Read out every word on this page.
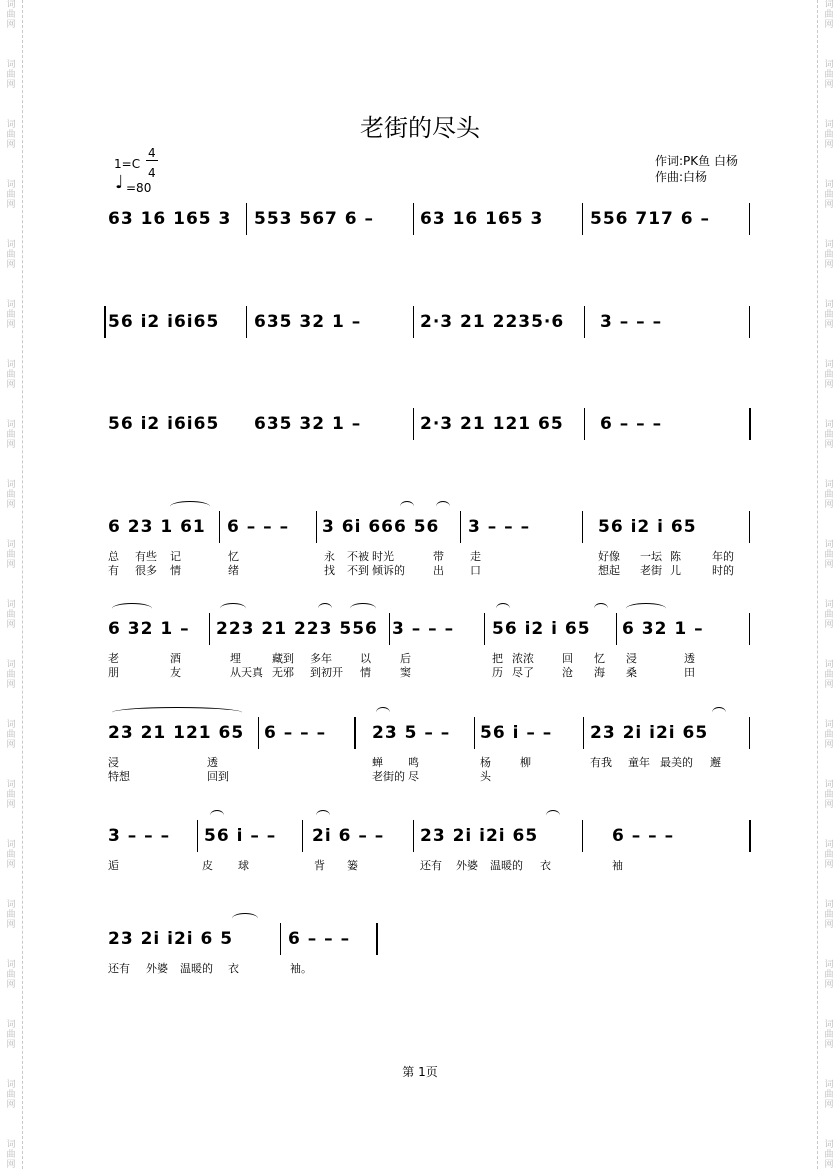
词
曲
网
词
曲
网
词
曲
网
词
曲
网
词
曲
网
词
曲
网
词
曲
网
词
曲
网
词
曲
网
词
曲
网
词
曲
网
词
曲
网
词
曲
网
词
曲
网
词
曲
网
词
曲
网
词
曲
网
词
曲
网
词
曲
网
词
曲
网
词
曲
网
词
曲
网
词
曲
网
词
曲
网
词
曲
网
词
曲
网
词
曲
网
词
曲
网
词
曲
网
词
曲
网
词
曲
网
词
曲
网
词
曲
网
词
曲
网
词
曲
网
词
曲
网
词
曲
网
词
曲
网
词
曲
网
词
曲
网
老街的尽头
1=C
4
4
♩ =80
作词:PK鱼 白杨
作曲:白杨
63 16 165 3 553 567 6 –	63 16 165 3	556 717 6 –
56 i2 i6i65 635 32 1 –	2·3 21 2235·6 3 – – –
56 i2 i6i65 635 32 1 –	2·3 21 121 65 6 – – –
6 23 1 61 6 – – – 3 6i 666 56 3 – – –	56 i2 i 65
总 有些 记	忆	永 不被 时光	带 走	好像 一坛 陈	年的
有 很多 情	绪	找 不到 倾诉的	出 口	想起 老街 儿	时的
6 32 1 – 223 21 223 556 3 – – – 56 i2 i 65 6 32 1 –
老	酒	埋	藏到 多年	以	后	把 浓浓	回 忆 浸	透
朋	友	从天真 无邪 到初开 情	窦	历 尽了	沧 海 桑	田
23 21 121 65 6 – – –	23 5 – – 56 i – – 23 2i i2i 65
浸	透	蝉 鸣	杨	柳	有我 童年 最美的 邂
特想	回到	老街的 尽	头
3 – – – 56 i – – 2i 6 – – 23 2i i2i 65	6 – – –
逅	皮 球	背 篓	还有 外婆 温暖的 衣	袖
23 2i i2i 6 5	6 – – –
还有 外婆 温暖的 衣	袖。
第 1页
